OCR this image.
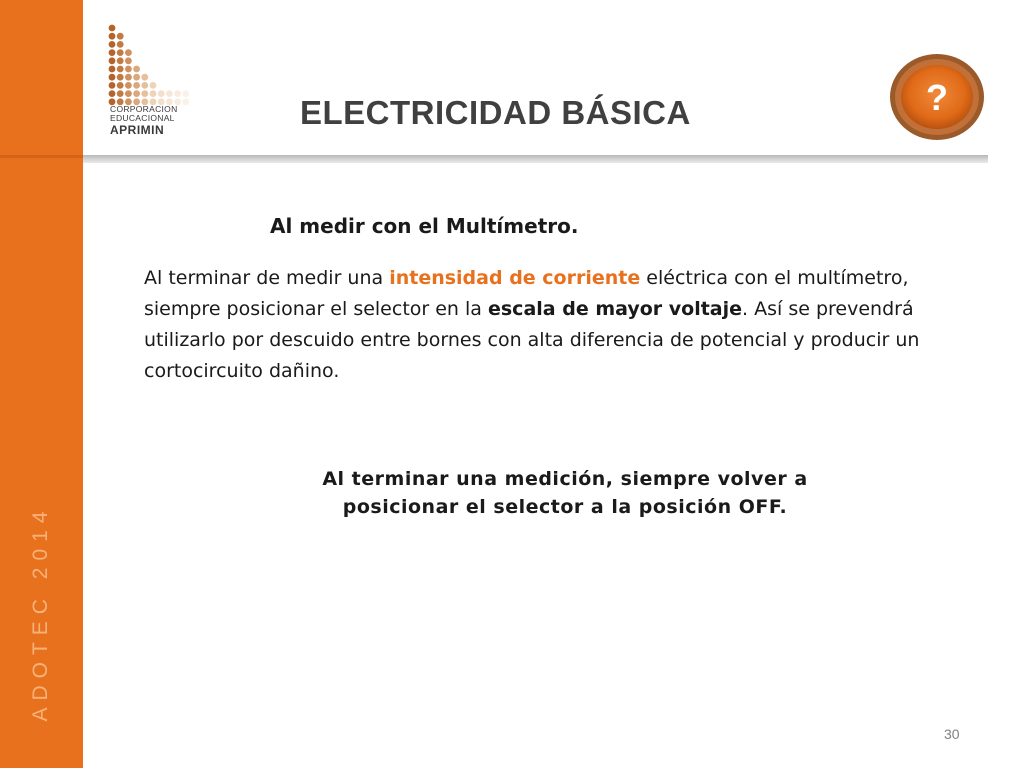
ADOTEC 2014
CORPORACION
EDUCACIONAL
APRIMIN	ELECTRICIDAD BÁSICA	?
Al medir con el Multímetro.

Al terminar de medir una intensidad de corriente eléctrica con el multímetro, siempre posicionar el selector en la escala de mayor voltaje. Así se prevendrá utilizarlo por descuido entre bornes con alta diferencia de potencial y producir un cortocircuito dañino.

Al terminar una medición, siempre volver a posicionar el selector a la posición OFF.

30
